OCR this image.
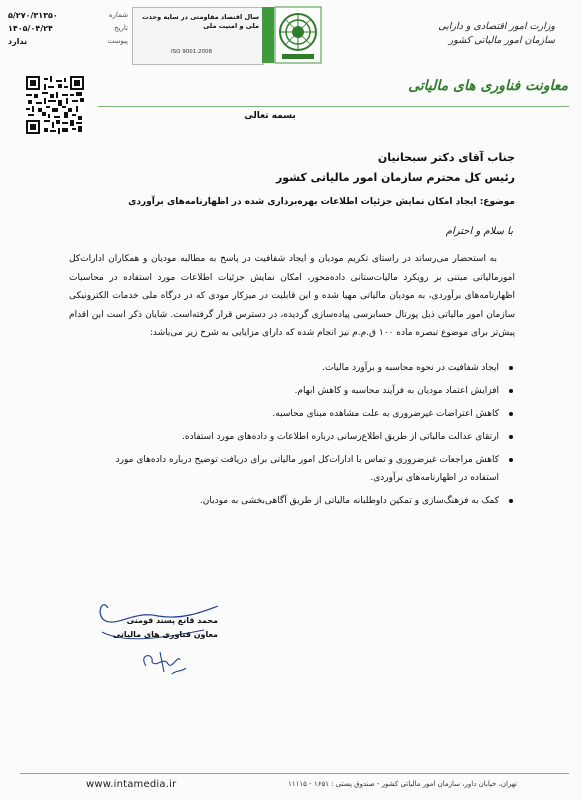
شماره
۵/۲۷۰/۳۱۳۵۰
تاریخ
۱۴۰۵/۰۴/۲۴
پیوست
ندارد
سال اقتصاد مقاومتی در سایه وحدت ملی و امنیت ملی
ISO 9001:2008
وزارت امور اقتصادی و دارایی
سازمان امور مالیاتی کشور
معاونت فناوری های مالیاتی
بسمه تعالی
جناب آقای دکتر سبحانیان
رئیس کل محترم سازمان امور مالیاتی کشور
موضوع: ایجاد امکان نمایش جزئیات اطلاعات بهره‌برداری شده در اظهارنامه‌های برآوردی
با سلام و احترام

به استحضار می‌رساند در راستای تکریم مودیان و ایجاد شفافیت در پاسخ به مطالبه مودیان و همکاران ادارات‌کل امورمالیاتی مبتنی بر رویکرد مالیات‌ستانی داده‌محور، امکان نمایش جزئیات اطلاعات مورد استفاده در محاسبات اظهارنامه‌های برآوردی، به مودیان مالیاتی مهیا شده و این قابلیت در میزکار مودی که در درگاه ملی خدمات الکترونیکی سازمان امور مالیاتی ذیل پورتال حسابرسی پیاده‌سازی گردیده، در دسترس قرار گرفته‌است. شایان ذکر است این اقدام پیش‌تر برای موضوع تبصره ماده ۱۰۰ ق.م.م نیز انجام شده که دارای مزایایی به شرح زیر می‌باشد:

ایجاد شفافیت در نحوه محاسبه و برآورد مالیات.
افزایش اعتماد مودیان به فرآیند محاسبه و کاهش ابهام.
کاهش اعتراضات غیرضروری به علت مشاهده مبنای محاسبه.
ارتقای عدالت مالیاتی از طریق اطلاع‌رسانی درباره اطلاعات و داده‌های مورد استفاده.
کاهش مراجعات غیرضروری و تماس با ادارات‌کل امور مالیاتی برای دریافت توضیح درباره داده‌های مورد استفاده در اظهارنامه‌های برآوردی.
کمک به فرهنگ‌سازی و تمکین داوطلبانه مالیاتی از طریق آگاهی‌بخشی به مودیان.
محمد قانع پسند قومنی
معاون فناوری های مالیاتی
www.intamedia.ir	تهران، خیابان داور، سازمان امور مالیاتی کشور - صندوق پستی : ۱۶۵۱ - ۱۱۱۱۵
